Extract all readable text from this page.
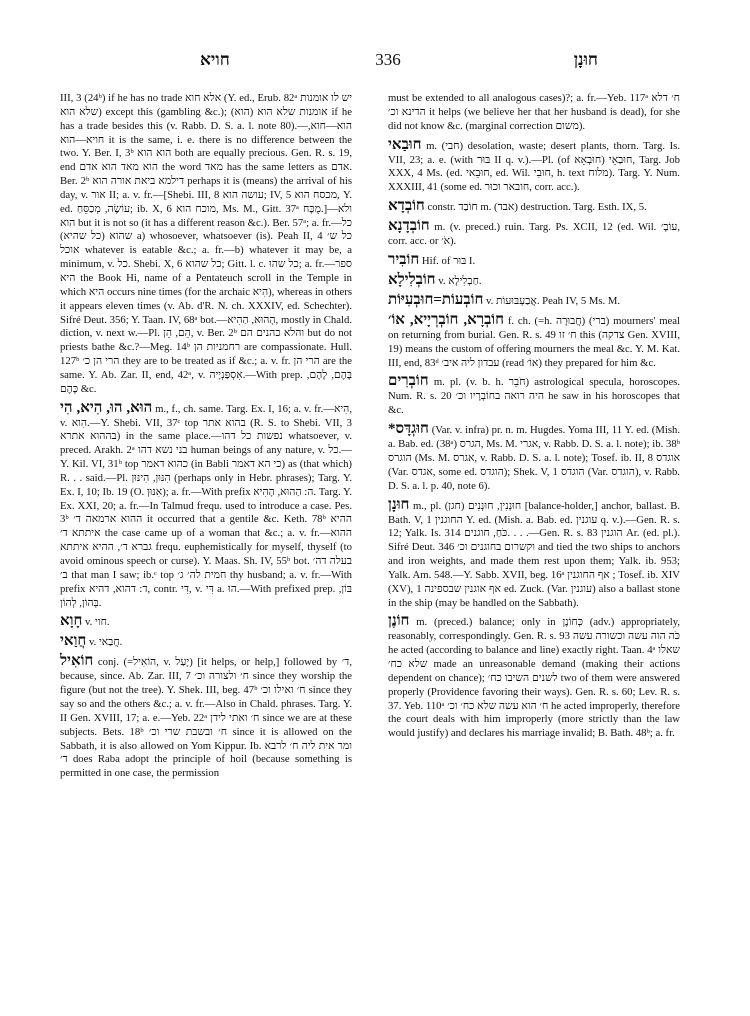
חויא	336	חוּנָן

III, 3 (24ᵇ) if he has no trade אלא חוא (Y. ed., Erub. 82ᵃ יש לו אומנות שלא הוא) except this (gambling &c.); אומנות שלא הוא (הוא) if he has a trade besides this (v. Rabb. D. S. a. l. note 80).—הוא—חוא, חויא—הוא it is the same, i. e. there is no difference between the two. Y. Ber. I, 3ᵇ הוא הוא both are equally precious. Gen. R. s. 19, end הוא מאד הוא אדם the word מאד has the same letters as אדם. Ber. 2ᵇ דילמא ביאת אורה הוא perhaps it is (means) the arrival of his day, v. אור II; a. v. fr.—[Shebi. III, 8 עושה הוא; IV, 5 מכסח הוא, Y. ed. עוֹשֶׂה, מְכַסֵּחַ; ib. X, 6 מוכח הוא, Ms. M., Gitt. 37ᵃ מֻכָּח.]—ולא הוא but it is not so (it has a different reason &c.). Ber. 57ᵃ; a. fr.—כל שהוא (כל שהיא) a) whosoever, whatsoever (is). Peah II, 4 כל ש׳ אוכל whatever is eatable &c.; a. fr.—b) whatever it may be, a minimum, v. כל. Shebi. X, 6 כל שהוא; Gitt. l. c. כל שהוּ; a. fr.—ספר היא the Book Hi, name of a Pentateuch scroll in the Temple in which היא occurs nine times (for the archaic הִיא), whereas in others it appears eleven times (v. Ab. d'R. N. ch. XXXIV, ed. Schechter). Sifré Deut. 356; Y. Taan. IV, 68ᵃ bot.—הָהוּא, הַהִיא, mostly in Chald. diction, v. next w.—Pl. הֵם, הֵן, v. Ber. 2ᵇ והלא כהנים הם but do not priests bathe &c.?—Meg. 14ᵇ רחמניות הן are compassionate. Hull. 127ᵇ הרי הן כ׳ they are to be treated as if &c.; a. v. fr. הרי הן are the same. Y. Ab. Zar. II, end, 42ᵃ, v. אִסְפַּנְיָיה.—With prep. בָּהֶם, לָהֶם, כָּהֶם &c.

הוּא, הוּ, הִיא, הִי m., f., ch. same. Targ. Ex. I, 16; a. v. fr.—הִיא, v. הִוא.—Y. Shebi. VII, 37ᶜ top בהוא אתר (R. S. to Shebi. VII, 3 בההוא אתרא) in the same place.—נפשות כל דהו whatsoever, v. preced. Arakh. 2ᵃ בני נשא דהו human beings of any nature, v. כל.—Y. Kil. VI, 31ᵇ top כהוא דאמר (in Babli כי הא דאמר) as (that which) R. . . said.—Pl. הִנּוּן, הִינּוּן (perhaps only in Hebr. phrases); Targ. Y. Ex. I, 10; Ib. 19 (O. אִנּוּן); a. fr.—With prefix ה: הַהוּא, הָהִיא. Targ. Y. Ex. XXI, 20; a. fr.—In Talmud frequ. used to introduce a case. Pes. 3ᵇ ההוא ארמאה ד׳ it occurred that a gentile &c. Keth. 78ᵇ ההיא איתתא ד׳ the case came up of a woman that &c.; a. v. fr.—ההוא גברא ד׳, ההיא איתתא frequ. euphemistically for myself, thyself (to avoid ominous speech or curse). Y. Maas. Sh. IV, 55ᵇ bot. בעלה דה׳ ב׳ that man I saw; ib.ᶜ top חמית לה׳ ג׳ thy husband; a. v. fr.—With prefix ד: דהוא, דהיא, contr. דִּי, v. דִּי a. הוּ.—With prefixed prep. בּוֹן, בְּהוֹן, לְהוֹן.

חָוָא v. חוי.

חֲוַאי v. חֲבַאי.

חוֹאִיל conj. (=הוֹאִיל, v. יָעַל) [it helps, or help,] followed by ד׳, because, since. Ab. Zar. III, 7 ח׳ ולצורה וכ׳ since they worship the figure (but not the tree). Y. Shek. III, beg. 47ᵇ ח׳ ואילו וכ׳ since they say so and the others &c.; a. v. fr.—Also in Chald. phrases. Targ. Y. II Gen. XVIII, 17; a. e.—Yeb. 22ᵃ ח׳ ואתי לידן since we are at these subjects. Bets. 18ᵇ ח׳ ובשבת שרי וכ׳ since it is allowed on the Sabbath, it is also allowed on Yom Kippur. Ib. ומר אית ליה ח׳ לרבא ד׳ does Raba adopt the principle of hoil (because something is permitted in one case, the permission

must be extended to all analogous cases)?; a. fr.—Yeb. 117ᵃ ח׳ דלא הדינא וכ׳ it helps (we believe her that her husband is dead), for she did not know &c. (marginal correction משום).

חוּבַאי m. (חבי) desolation, waste; desert plants, thorn. Targ. Is. VII, 23; a. e. (with בּוּר II q. v.).—Pl. (of חוּבְאָא) חוּבַאֵי, Targ. Job XXX, 4 Ms. (ed. חוּבֵאי, ed. Wil. חוּבִי, h. text מלוח). Targ. Y. Num. XXXIII, 41 (some ed. חובאר וכוּר, corr. acc.).

חוֹבְדָא constr. חוֹבַד m. (אבד) destruction. Targ. Esth. IX, 5.

חוֹבְדָנָא m. (v. preced.) ruin. Targ. Ps. XCII, 12 (ed. Wil. עוֹבָ׳, corr. acc. or אֹ׳).

חוֹבִיר Hif. of בּוּר I.

חוֹבְלִילָא v. חַבְלִילָא.

חוֹבְעוֹת=חוּבְעִיּוֹת v. אֲבַעְבּוּעוֹת. Peah IV, 5 Ms. M.

חוֹבְרָא, חוֹבְרְיָיא, אוֹ׳ f. ch. (=h. חֲבוּרָה) (ברי) mourners' meal on returning from burial. Gen. R. s. 49 ח׳ זו this (צדקה Gen. XVIII, 19) means the custom of offering mourners the meal &c. Y. M. Kat. III, end, 83ᵈ עבדון ליה איב׳ (read אוֹ׳) they prepared for him &c.

חוֹבְרִים m. pl. (v. b. h. חֹבֵר) astrological specula, horoscopes. Num. R. s. 20 היה רואה בחוֹבְרָיו וכ׳ he saw in his horoscopes that &c.

*חוּגְדָּס (Var. v. infra) pr. n. m. Hugdes. Yoma III, 11 Y. ed. (Mish. a. Bab. ed. (38ᵃ) הגרס, Ms. M. אגרי, v. Rabb. D. S. a. l. note); ib. 38ᵇ הוגרס (Ms. M. אגרס, v. Rabb. D. S. a. l. note); Tosef. ib. II, 8 אוגדס (Var. אגדס, some ed. הוגדס); Shek. V, 1 הוגדס (Var. הוגדס), v. Rabb. D. S. a. l. p. 40, note 6).

חוּנָן m., pl. חוּנְנִין, חוּנְנִים (חגן) [balance-holder,] anchor, ballast. B. Bath. V, 1 החוגנין Y. ed. (Mish. a. Bab. ed. עוגנין q. v.).—Gen. R. s. 12; Yalk. Is. 314 כֹּחַ, חוגנים. . . .—Gen. R. s. 83 הוגנין Ar. (ed. pl.). Sifré Deut. 346 וקשרום בחוגנים וכ׳ and tied the two ships to anchors and iron weights, and made them rest upon them; Yalk. ib. 953; Yalk. Am. 548.—Y. Sabb. XVII, beg. 16ᵃ אף החוגנין ; Tosef. ib. XIV (XV), 1 אף אוגנין שבספינה ed. Zuck. (Var. עוגנין) also a ballast stone in the ship (may be handled on the Sabbath).

חוֹנֶן m. (preced.) balance; only in כְּחוֹנֶן (adv.) appropriately, reasonably, correspondingly. Gen. R. s. 93 כֹּה הוה עשה וכשורה עשה he acted (according to balance and line) exactly right. Taan. 4ᵃ שאלו שלא כח׳ made an unreasonable demand (making their actions dependent on chance); לשנים השיבו כח׳ two of them were answered properly (Providence favoring their ways). Gen. R. s. 60; Lev. R. s. 37. Yeb. 110ᵃ ח׳ הוא עשה שלא כח׳ וכ׳ he acted improperly, therefore the court deals with him improperly (more strictly than the law would justify) and declares his marriage invalid; B. Bath. 48ᵇ; a. fr.
